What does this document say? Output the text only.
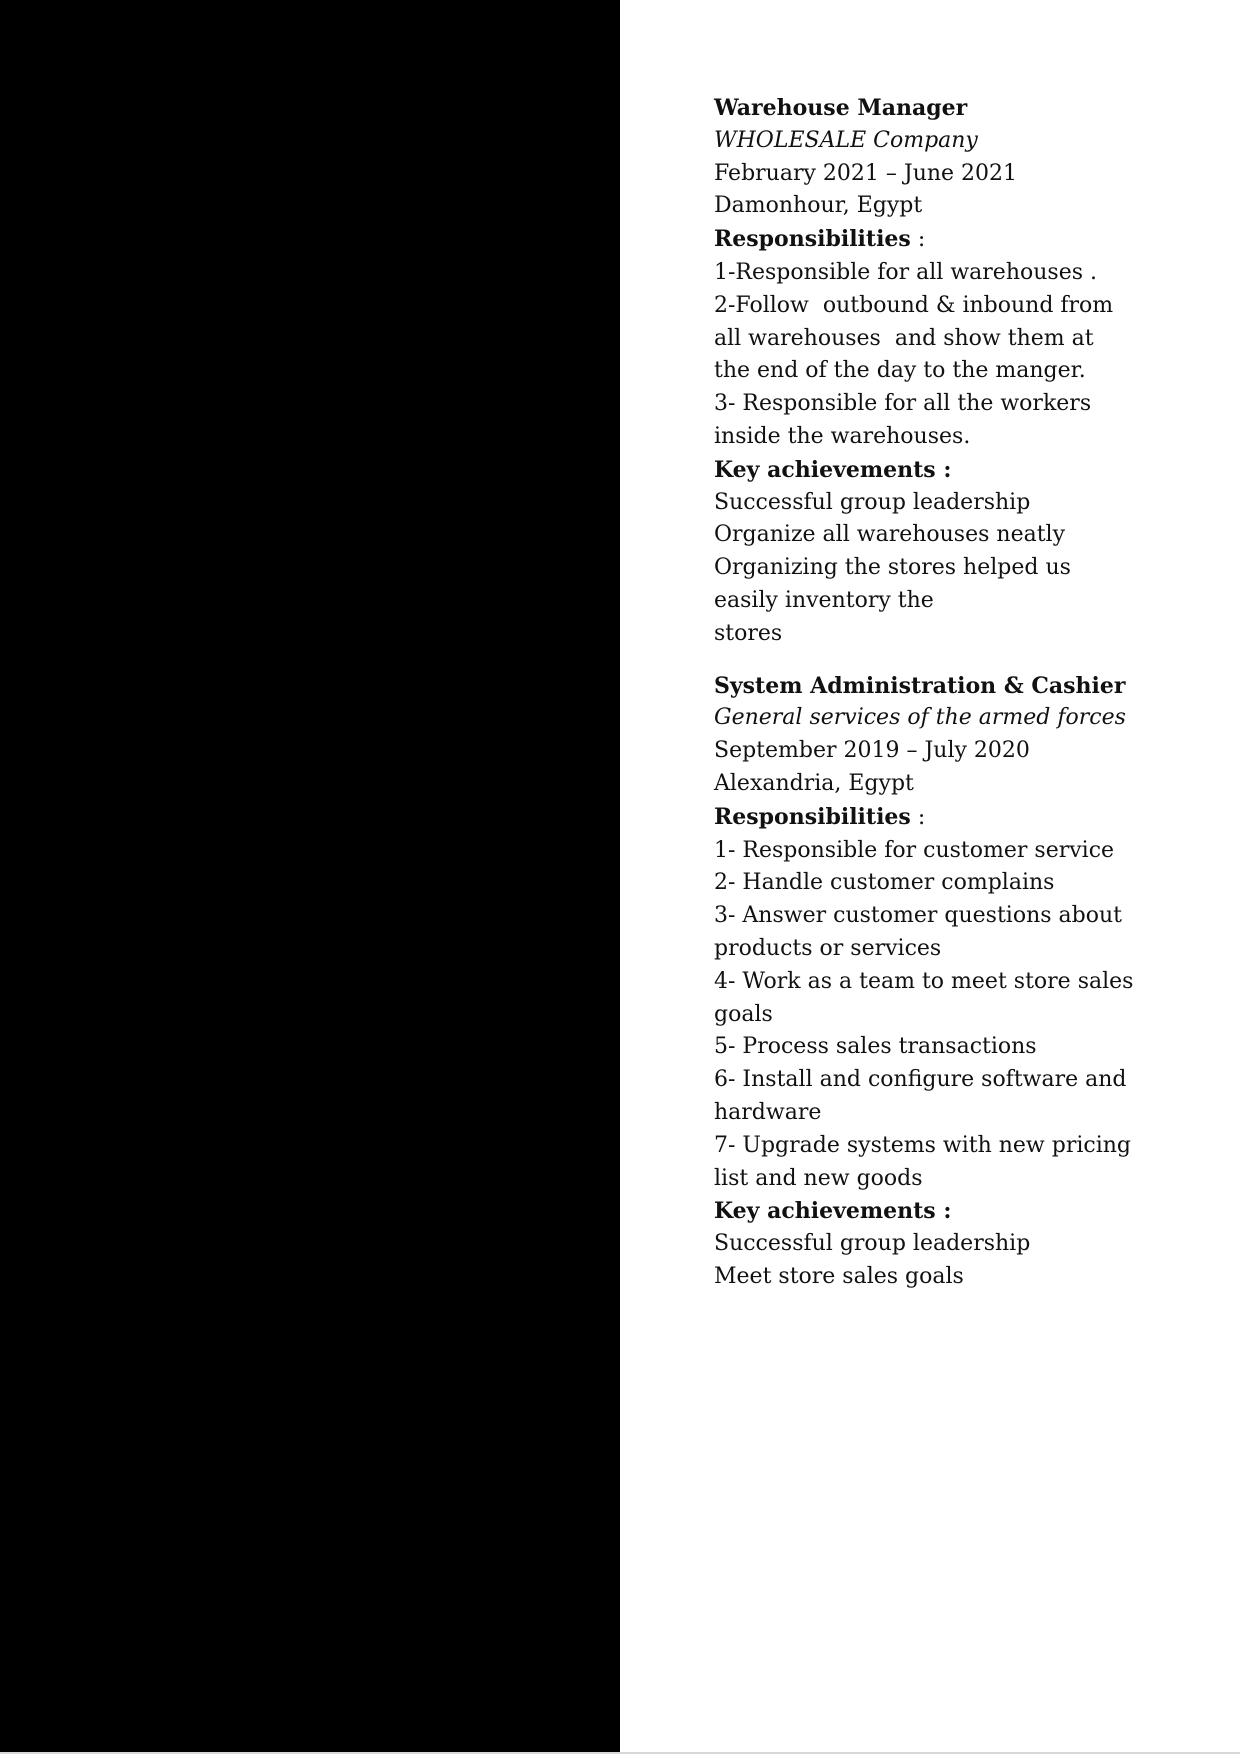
Warehouse Manager

WHOLESALE Company

February 2021 – June 2021

Damonhour, Egypt

Responsibilities :

1-Responsible for all warehouses .

2-Follow  outbound & inbound from all warehouses  and show them at the end of the day to the manger.

3- Responsible for all the workers inside the warehouses.

Key achievements :

Successful group leadership

Organize all warehouses neatly

Organizing the stores helped us easily inventory the

stores

System Administration & Cashier

General services of the armed forces

September 2019 – July 2020

Alexandria, Egypt

Responsibilities :

1- Responsible for customer service

2- Handle customer complains

3- Answer customer questions about products or services

4- Work as a team to meet store sales goals

5- Process sales transactions

6- Install and configure software and hardware

7- Upgrade systems with new pricing list and new goods

Key achievements :

Successful group leadership

Meet store sales goals
